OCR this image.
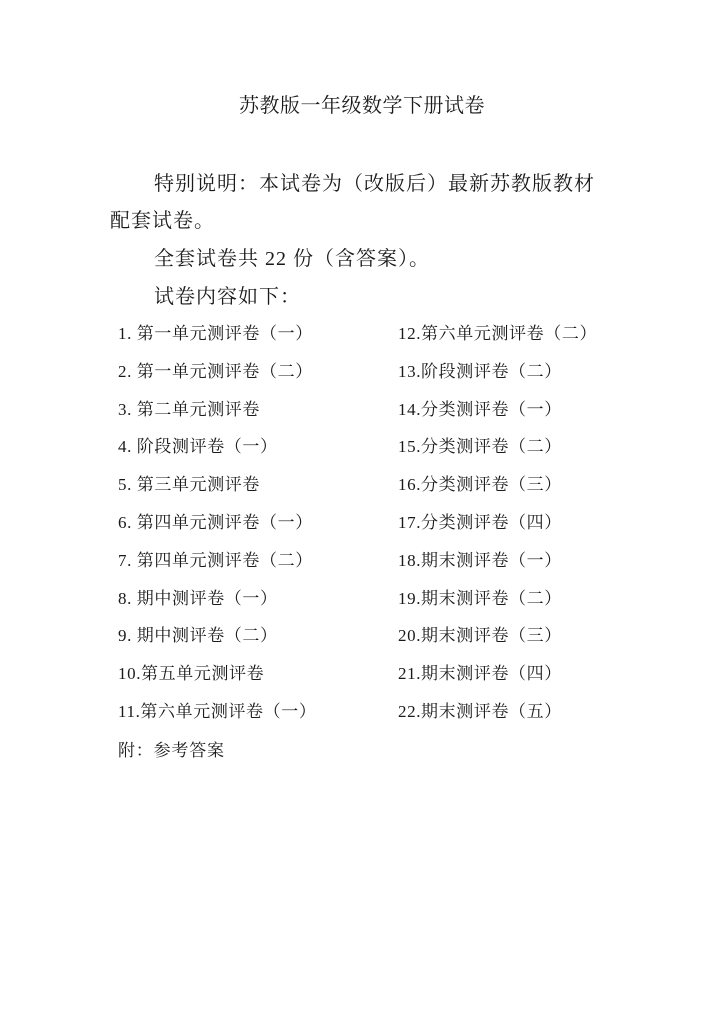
苏教版一年级数学下册试卷
特别说明：本试卷为（改版后）最新苏教版教材
配套试卷。
全套试卷共 22 份（含答案）。
试卷内容如下：
1. 第一单元测评卷（一）
2. 第一单元测评卷（二）
3. 第二单元测评卷
4. 阶段测评卷（一）
5. 第三单元测评卷
6. 第四单元测评卷（一）
7. 第四单元测评卷（二）
8. 期中测评卷（一）
9. 期中测评卷（二）
10.第五单元测评卷
11.第六单元测评卷（一）
12.第六单元测评卷（二）
13.阶段测评卷（二）
14.分类测评卷（一）
15.分类测评卷（二）
16.分类测评卷（三）
17.分类测评卷（四）
18.期末测评卷（一）
19.期末测评卷（二）
20.期末测评卷（三）
21.期末测评卷（四）
22.期末测评卷（五）
附：参考答案
